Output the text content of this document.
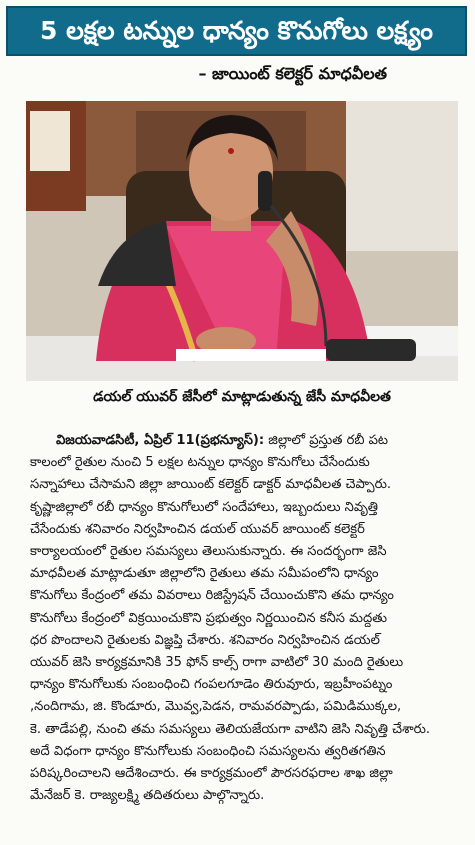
5 లక్షల టన్నుల ధాన్యం కొనుగోలు లక్ష్యం
– జాయింట్ కలెక్టర్ మాధవీలత
డయల్ యువర్ జేసీలో మాట్లాడుతున్న జేసీ మాధవీలత
విజయవాడసిటీ, ఏప్రిల్ 11(ప్రభన్యూస్): జిల్లాలో ప్రస్తుత రబీ పట
కాలంలో రైతుల నుంచి 5 లక్షల టన్నుల ధాన్యం కొనుగోలు చేసేందుకు
సన్నాహాలు చేసామని జిల్లా జాయింట్ కలెక్టర్ డాక్టర్ మాధవీలత చెప్పారు.
కృష్ణాజిల్లాలో రబీ ధాన్యం కొనుగోలులో సందేహాలు, ఇబ్బందులు నివృత్తి
చేసేందుకు శనివారం నిర్వహించిన డయల్ యువర్ జాయింట్ కలెక్టర్
కార్యాలయంలో రైతుల సమస్యలు తెలుసుకున్నారు. ఈ సందర్భంగా జెసి
మాధవీలత మాట్లాడుతూ జిల్లాలోని రైతులు తమ సమీపంలోని ధాన్యం
కొనుగోలు కేంద్రంలో తమ వివరాలు రిజిస్ట్రేషన్ చేయించుకొని తమ ధాన్యం
కొనుగోలు కేంద్రంలో విక్రయించుకొని ప్రభుత్వం నిర్ణయించిన కనీస మద్దతు
ధర పొందాలని రైతులకు విజ్ఞప్తి చేశారు. శనివారం నిర్వహించిన డయల్
యువర్ జెసి కార్యక్రమానికి 35 ఫోన్ కాల్స్ రాగా వాటిలో 30 మంది రైతులు
ధాన్యం కొనుగోలుకు సంబంధించి గంపలగూడెం తిరువూరు, ఇబ్రహీంపట్నం
,నందిగామ, జి. కొండూరు, మొవ్వ,పెడన, రామవరప్పాడు, పమిడిముక్కల,
కె. తాడేపల్లి, నుంచి తమ సమస్యలు తెలియజేయగా వాటిని జెసి నివృత్తి చేశారు.
అదే విధంగా ధాన్యం కొనుగోలుకు సంబంధించి సమస్యలను త్వరితగతిన
పరిష్కరించాలని ఆదేశించారు. ఈ కార్యక్రమంలో పౌరసరఫరాల శాఖ జిల్లా
మేనేజర్ కె. రాజ్యలక్ష్మి తదితరులు పాల్గొన్నారు.
